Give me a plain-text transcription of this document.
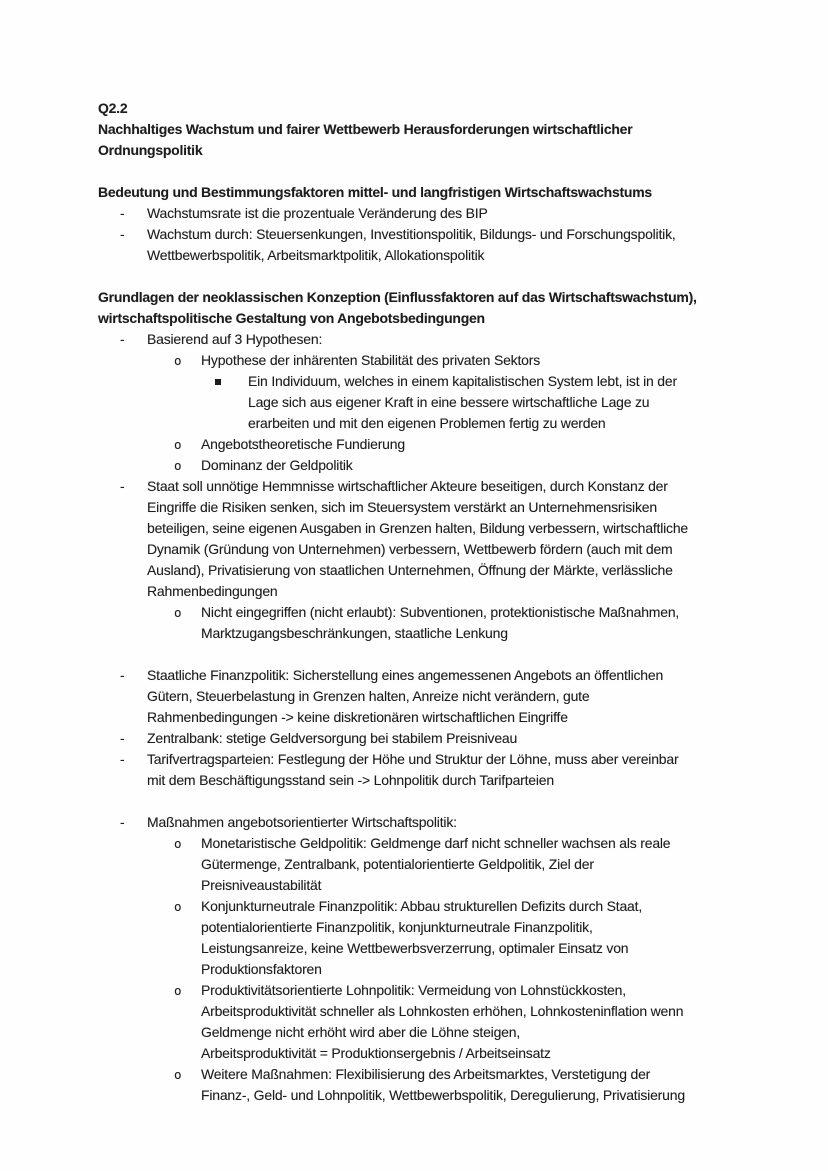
Q2.2
Nachhaltiges Wachstum und fairer Wettbewerb Herausforderungen wirtschaftlicher
Ordnungspolitik
Bedeutung und Bestimmungsfaktoren mittel- und langfristigen Wirtschaftswachstums
- Wachstumsrate ist die prozentuale Veränderung des BIP
- Wachstum durch: Steuersenkungen, Investitionspolitik, Bildungs- und Forschungspolitik,
Wettbewerbspolitik, Arbeitsmarktpolitik, Allokationspolitik
Grundlagen der neoklassischen Konzeption (Einflussfaktoren auf das Wirtschaftswachstum),
wirtschaftspolitische Gestaltung von Angebotsbedingungen
- Basierend auf 3 Hypothesen:
o Hypothese der inhärenten Stabilität des privaten Sektors
Ein Individuum, welches in einem kapitalistischen System lebt, ist in der
Lage sich aus eigener Kraft in eine bessere wirtschaftliche Lage zu
erarbeiten und mit den eigenen Problemen fertig zu werden
o Angebotstheoretische Fundierung
o Dominanz der Geldpolitik
- Staat soll unnötige Hemmnisse wirtschaftlicher Akteure beseitigen, durch Konstanz der
Eingriffe die Risiken senken, sich im Steuersystem verstärkt an Unternehmensrisiken
beteiligen, seine eigenen Ausgaben in Grenzen halten, Bildung verbessern, wirtschaftliche
Dynamik (Gründung von Unternehmen) verbessern, Wettbewerb fördern (auch mit dem
Ausland), Privatisierung von staatlichen Unternehmen, Öffnung der Märkte, verlässliche
Rahmenbedingungen
o Nicht eingegriffen (nicht erlaubt): Subventionen, protektionistische Maßnahmen,
Marktzugangsbeschränkungen, staatliche Lenkung
- Staatliche Finanzpolitik: Sicherstellung eines angemessenen Angebots an öffentlichen
Gütern, Steuerbelastung in Grenzen halten, Anreize nicht verändern, gute
Rahmenbedingungen -> keine diskretionären wirtschaftlichen Eingriffe
- Zentralbank: stetige Geldversorgung bei stabilem Preisniveau
- Tarifvertragsparteien: Festlegung der Höhe und Struktur der Löhne, muss aber vereinbar
mit dem Beschäftigungsstand sein -> Lohnpolitik durch Tarifparteien
- Maßnahmen angebotsorientierter Wirtschaftspolitik:
o Monetaristische Geldpolitik: Geldmenge darf nicht schneller wachsen als reale
Gütermenge, Zentralbank, potentialorientierte Geldpolitik, Ziel der
Preisniveaustabilität
o Konjunkturneutrale Finanzpolitik: Abbau strukturellen Defizits durch Staat,
potentialorientierte Finanzpolitik, konjunkturneutrale Finanzpolitik,
Leistungsanreize, keine Wettbewerbsverzerrung, optimaler Einsatz von
Produktionsfaktoren
o Produktivitätsorientierte Lohnpolitik: Vermeidung von Lohnstückkosten,
Arbeitsproduktivität schneller als Lohnkosten erhöhen, Lohnkosteninflation wenn
Geldmenge nicht erhöht wird aber die Löhne steigen,
Arbeitsproduktivität = Produktionsergebnis / Arbeitseinsatz
o Weitere Maßnahmen: Flexibilisierung des Arbeitsmarktes, Verstetigung der
Finanz-, Geld- und Lohnpolitik, Wettbewerbspolitik, Deregulierung, Privatisierung
